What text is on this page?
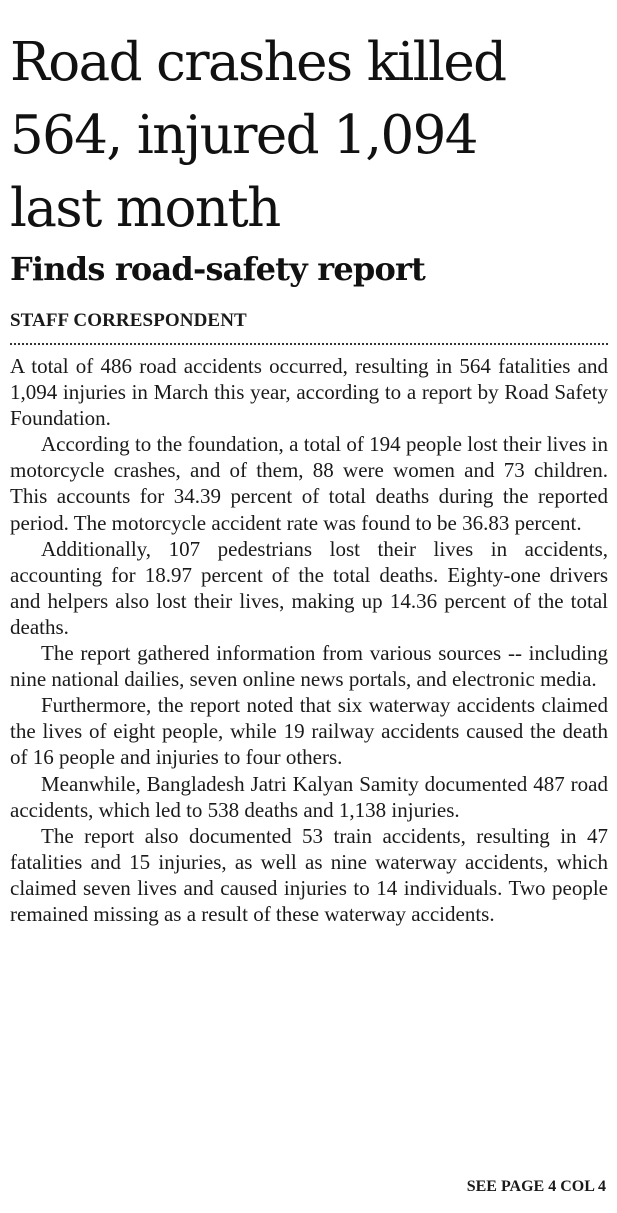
Road crashes killed
564, injured 1,094
last month
Finds road-safety report
STAFF CORRESPONDENT

A total of 486 road accidents occurred, resulting in 564 fatalities and 1,094 injuries in March this year, according to a report by Road Safety Foundation.

According to the foundation, a total of 194 people lost their lives in motorcycle crashes, and of them, 88 were women and 73 children. This accounts for 34.39 percent of total deaths during the reported period. The motorcycle accident rate was found to be 36.83 percent.

Additionally, 107 pedestrians lost their lives in accidents, accounting for 18.97 percent of the total deaths. Eighty-one drivers and helpers also lost their lives, making up 14.36 percent of the total deaths.

The report gathered information from various sources -- including nine national dailies, seven online news portals, and electronic media.

Furthermore, the report noted that six waterway accidents claimed the lives of eight people, while 19 railway accidents caused the death of 16 people and injuries to four others.

Meanwhile, Bangladesh Jatri Kalyan Samity documented 487 road accidents, which led to 538 deaths and 1,138 injuries.

The report also documented 53 train accidents, resulting in 47 fatalities and 15 injuries, as well as nine waterway accidents, which claimed seven lives and caused injuries to 14 individuals. Two people remained missing as a result of these waterway accidents.

SEE PAGE 4 COL 4
